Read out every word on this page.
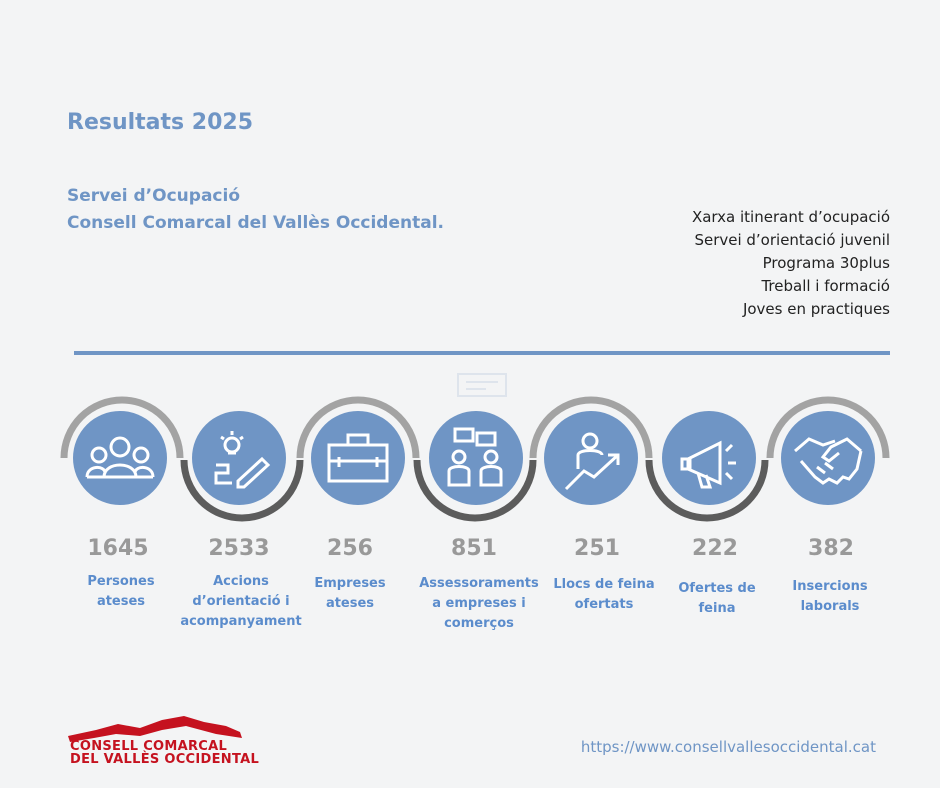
Resultats 2025
Servei d’Ocupació
Consell Comarcal del Vallès Occidental.	Xarxa itinerant d’ocupació
Servei d’orientació juvenil
Programa 30plus
Treball i formació
Joves en practiques
1645	2533	256	851	251	222	382
Persones
ateses
Accions
d’orientació i
acompanyament
Empreses
ateses
Assessoraments
a empreses i
comerços
Llocs de feina
ofertats
Ofertes de
feina
Insercions
laborals
CONSELL COMARCAL
DEL VALLÈS OCCIDENTAL
https://www.consellvallesoccidental.cat
